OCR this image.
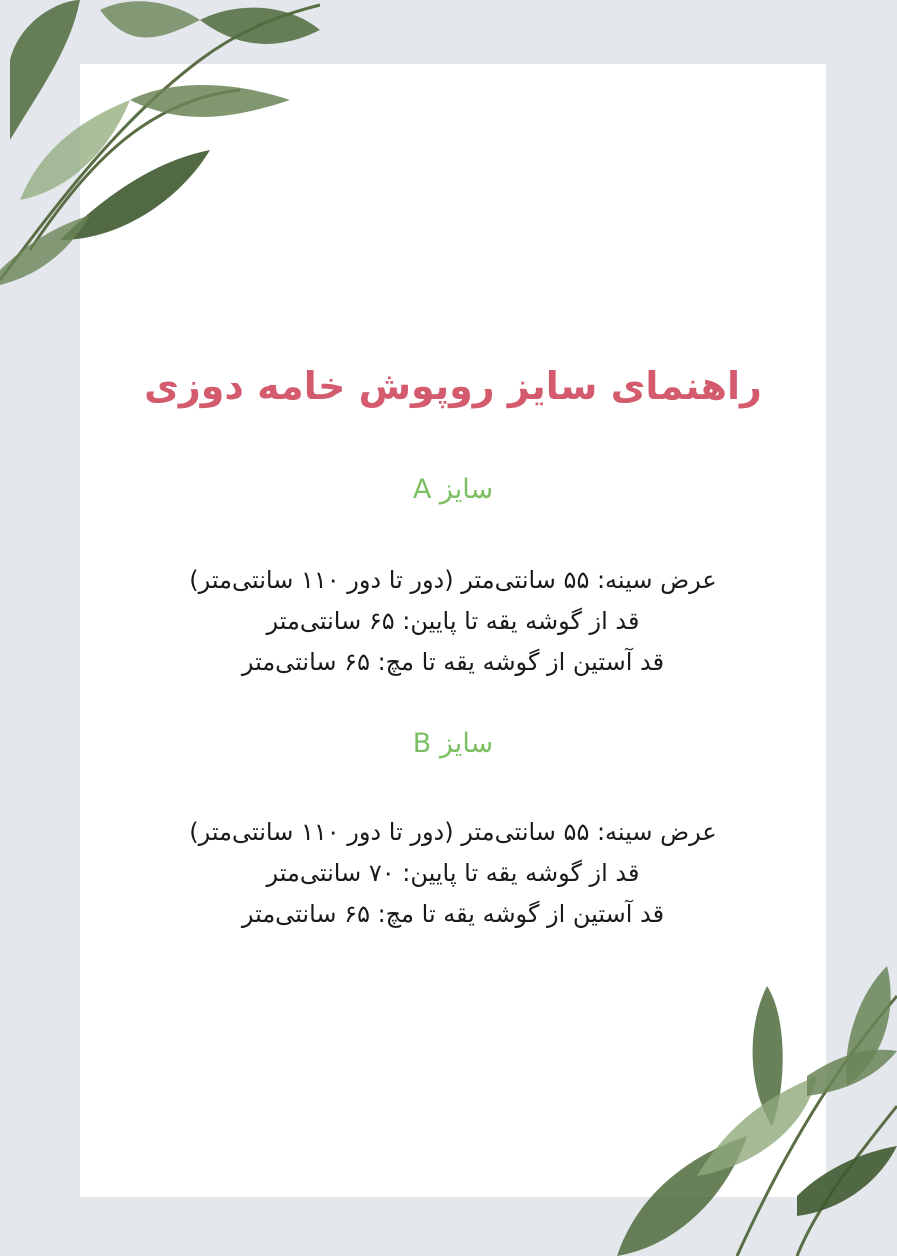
راهنمای سایز روپوش خامه دوزی
سایز A

عرض سینه: ۵۵ سانتی‌متر (دور تا دور ۱۱۰ سانتی‌متر)

قد از گوشه یقه تا پایین: ۶۵ سانتی‌متر

قد آستین از گوشه یقه تا مچ: ۶۵ سانتی‌متر

سایز B

عرض سینه: ۵۵ سانتی‌متر (دور تا دور ۱۱۰ سانتی‌متر)

قد از گوشه یقه تا پایین: ۷۰ سانتی‌متر

قد آستین از گوشه یقه تا مچ: ۶۵ سانتی‌متر
